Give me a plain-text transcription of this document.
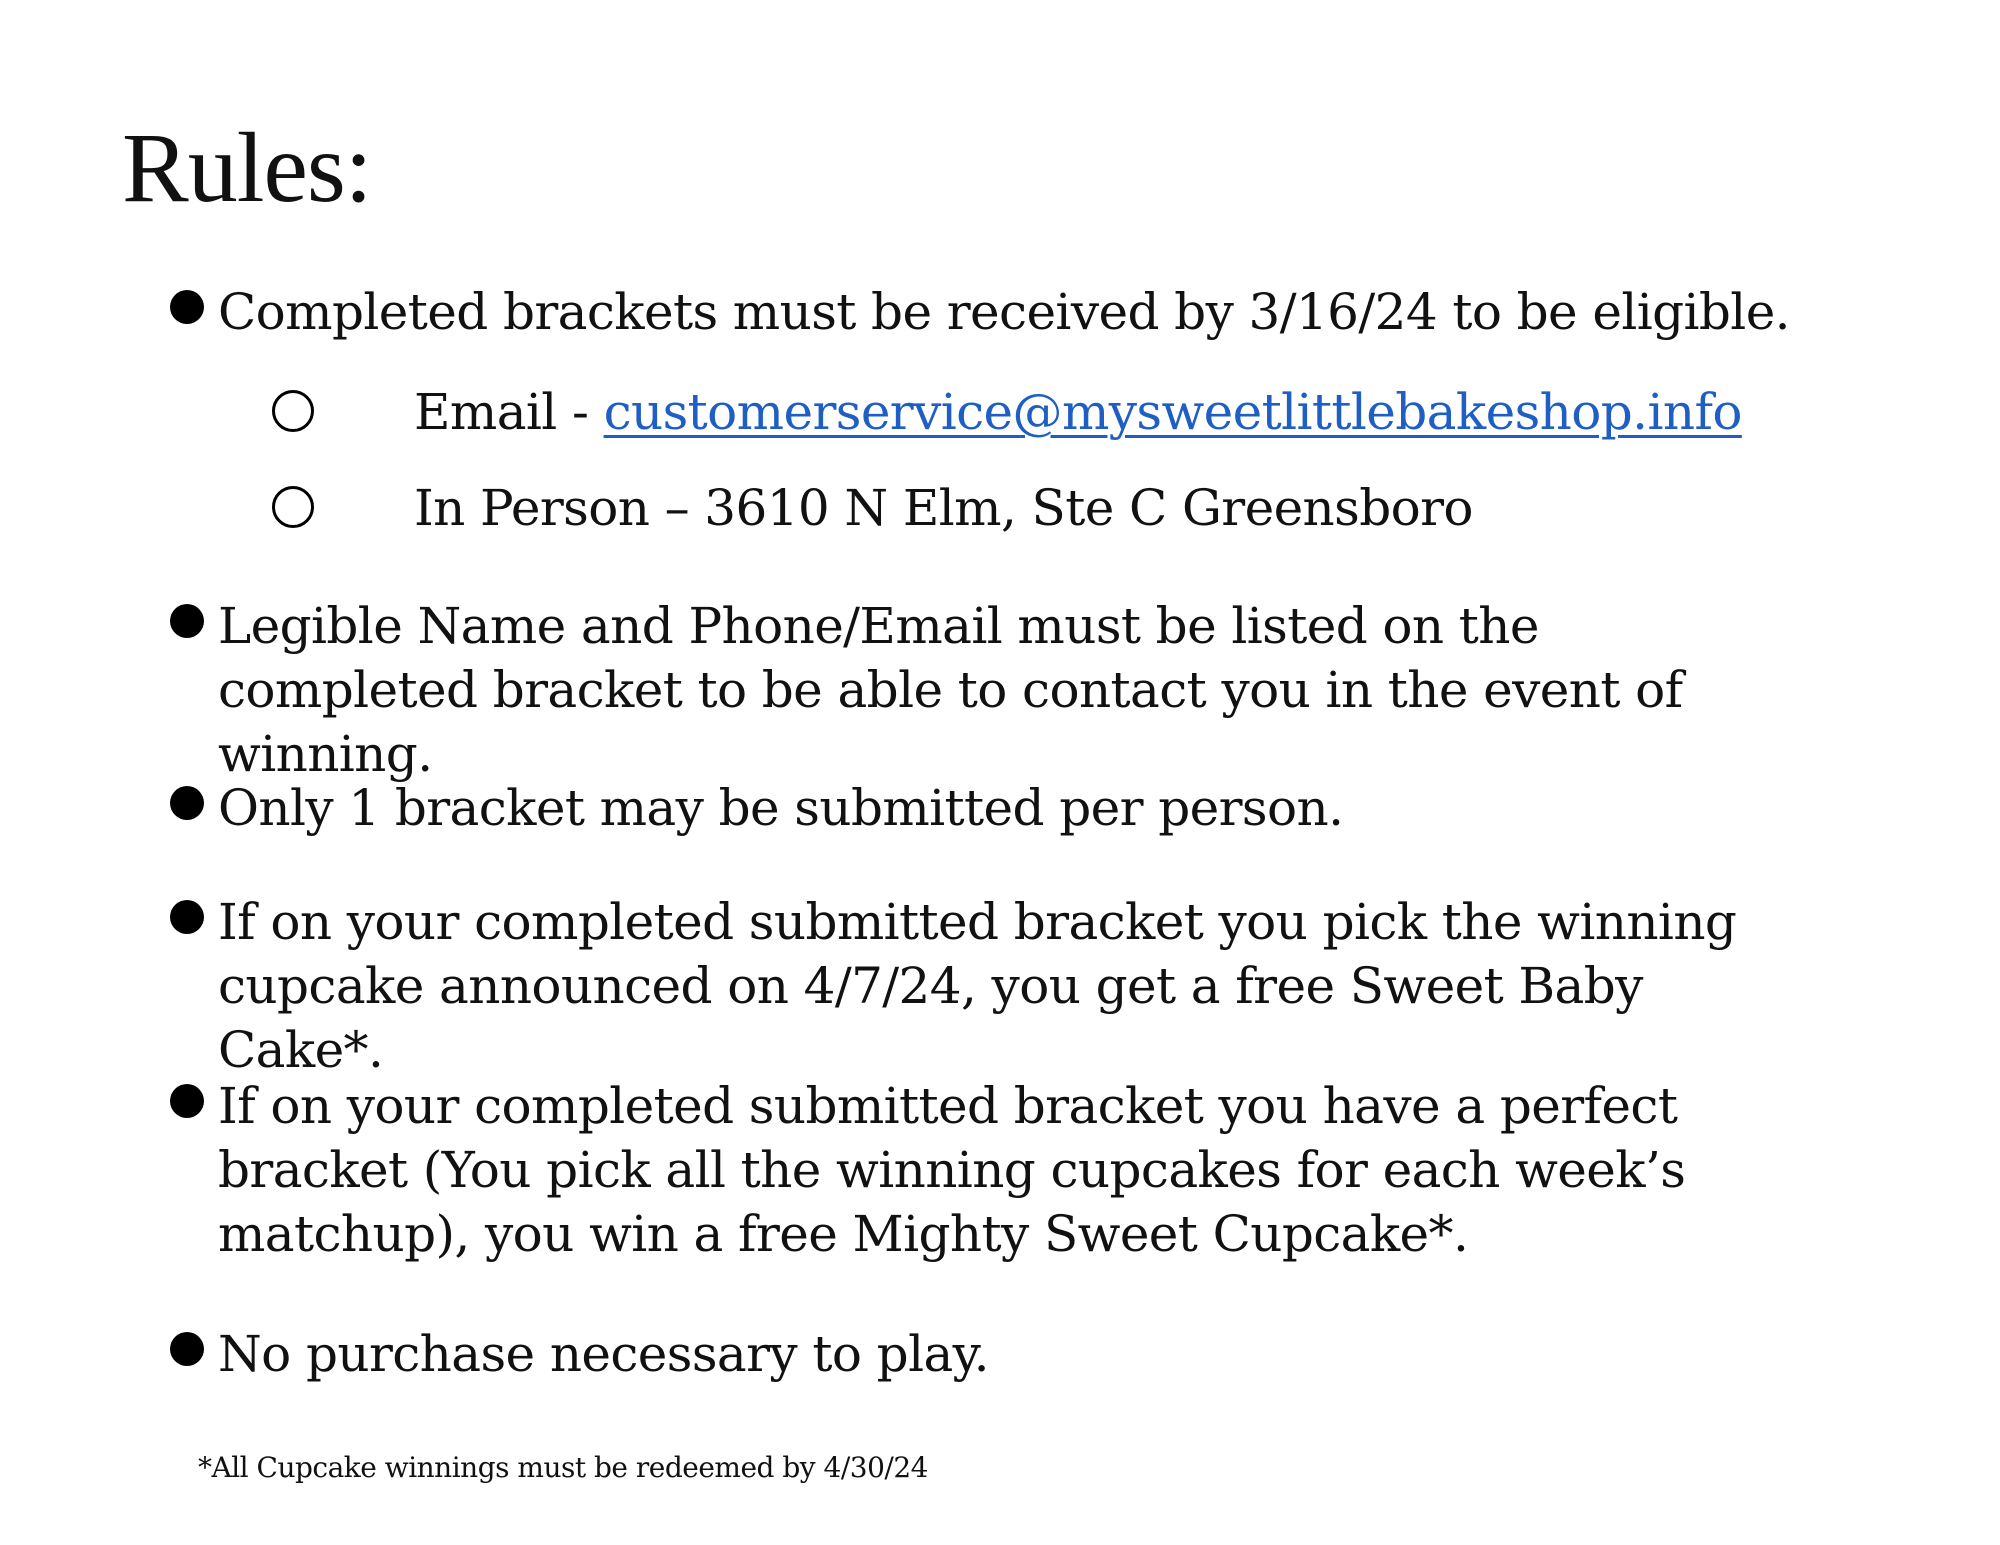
Rules:
Completed brackets must be received by 3/16/24 to be eligible.
Email - customerservice@mysweetlittlebakeshop.info
In Person – 3610 N Elm, Ste C Greensboro
Legible Name and Phone/Email must be listed on the completed bracket to be able to contact you in the event of winning.
Only 1 bracket may be submitted per person.
If on your completed submitted bracket you pick the winning cupcake announced on 4/7/24, you get a free Sweet Baby Cake*.
If on your completed submitted bracket you have a perfect bracket (You pick all the winning cupcakes for each week’s matchup), you win a free Mighty Sweet Cupcake*.
No purchase necessary to play.
*All Cupcake winnings must be redeemed by 4/30/24
